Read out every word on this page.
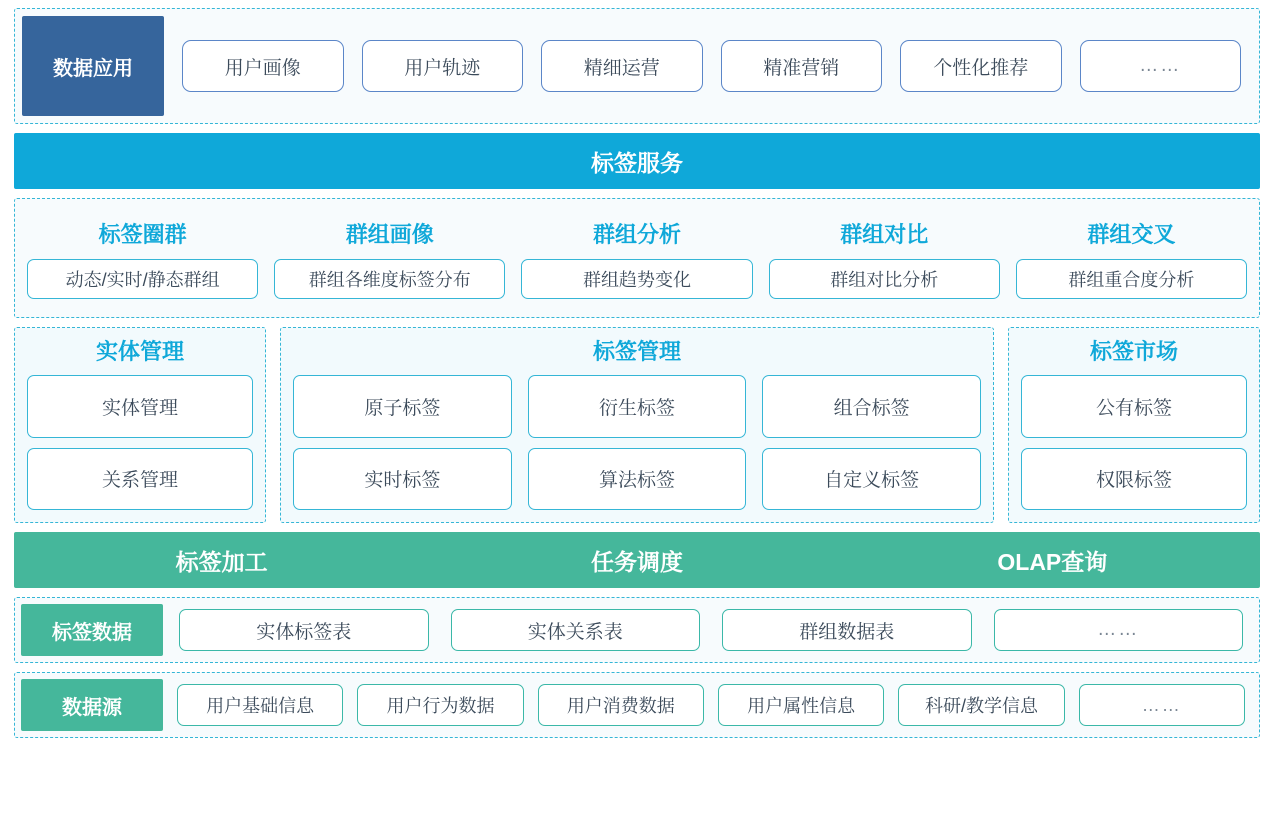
数据应用	用户画像	用户轨迹	精细运营	精准营销	个性化推荐	……
标签服务
标签圈群
动态/实时/静态群组
群组画像
群组各维度标签分布
群组分析
群组趋势变化
群组对比
群组对比分析
群组交叉
群组重合度分析
实体管理
实体管理
关系管理
标签管理
原子标签	衍生标签	组合标签
实时标签	算法标签	自定义标签
标签市场
公有标签
权限标签
标签加工	任务调度	OLAP查询
标签数据	实体标签表	实体关系表	群组数据表	……
数据源	用户基础信息	用户行为数据	用户消费数据	用户属性信息	科研/教学信息	……
